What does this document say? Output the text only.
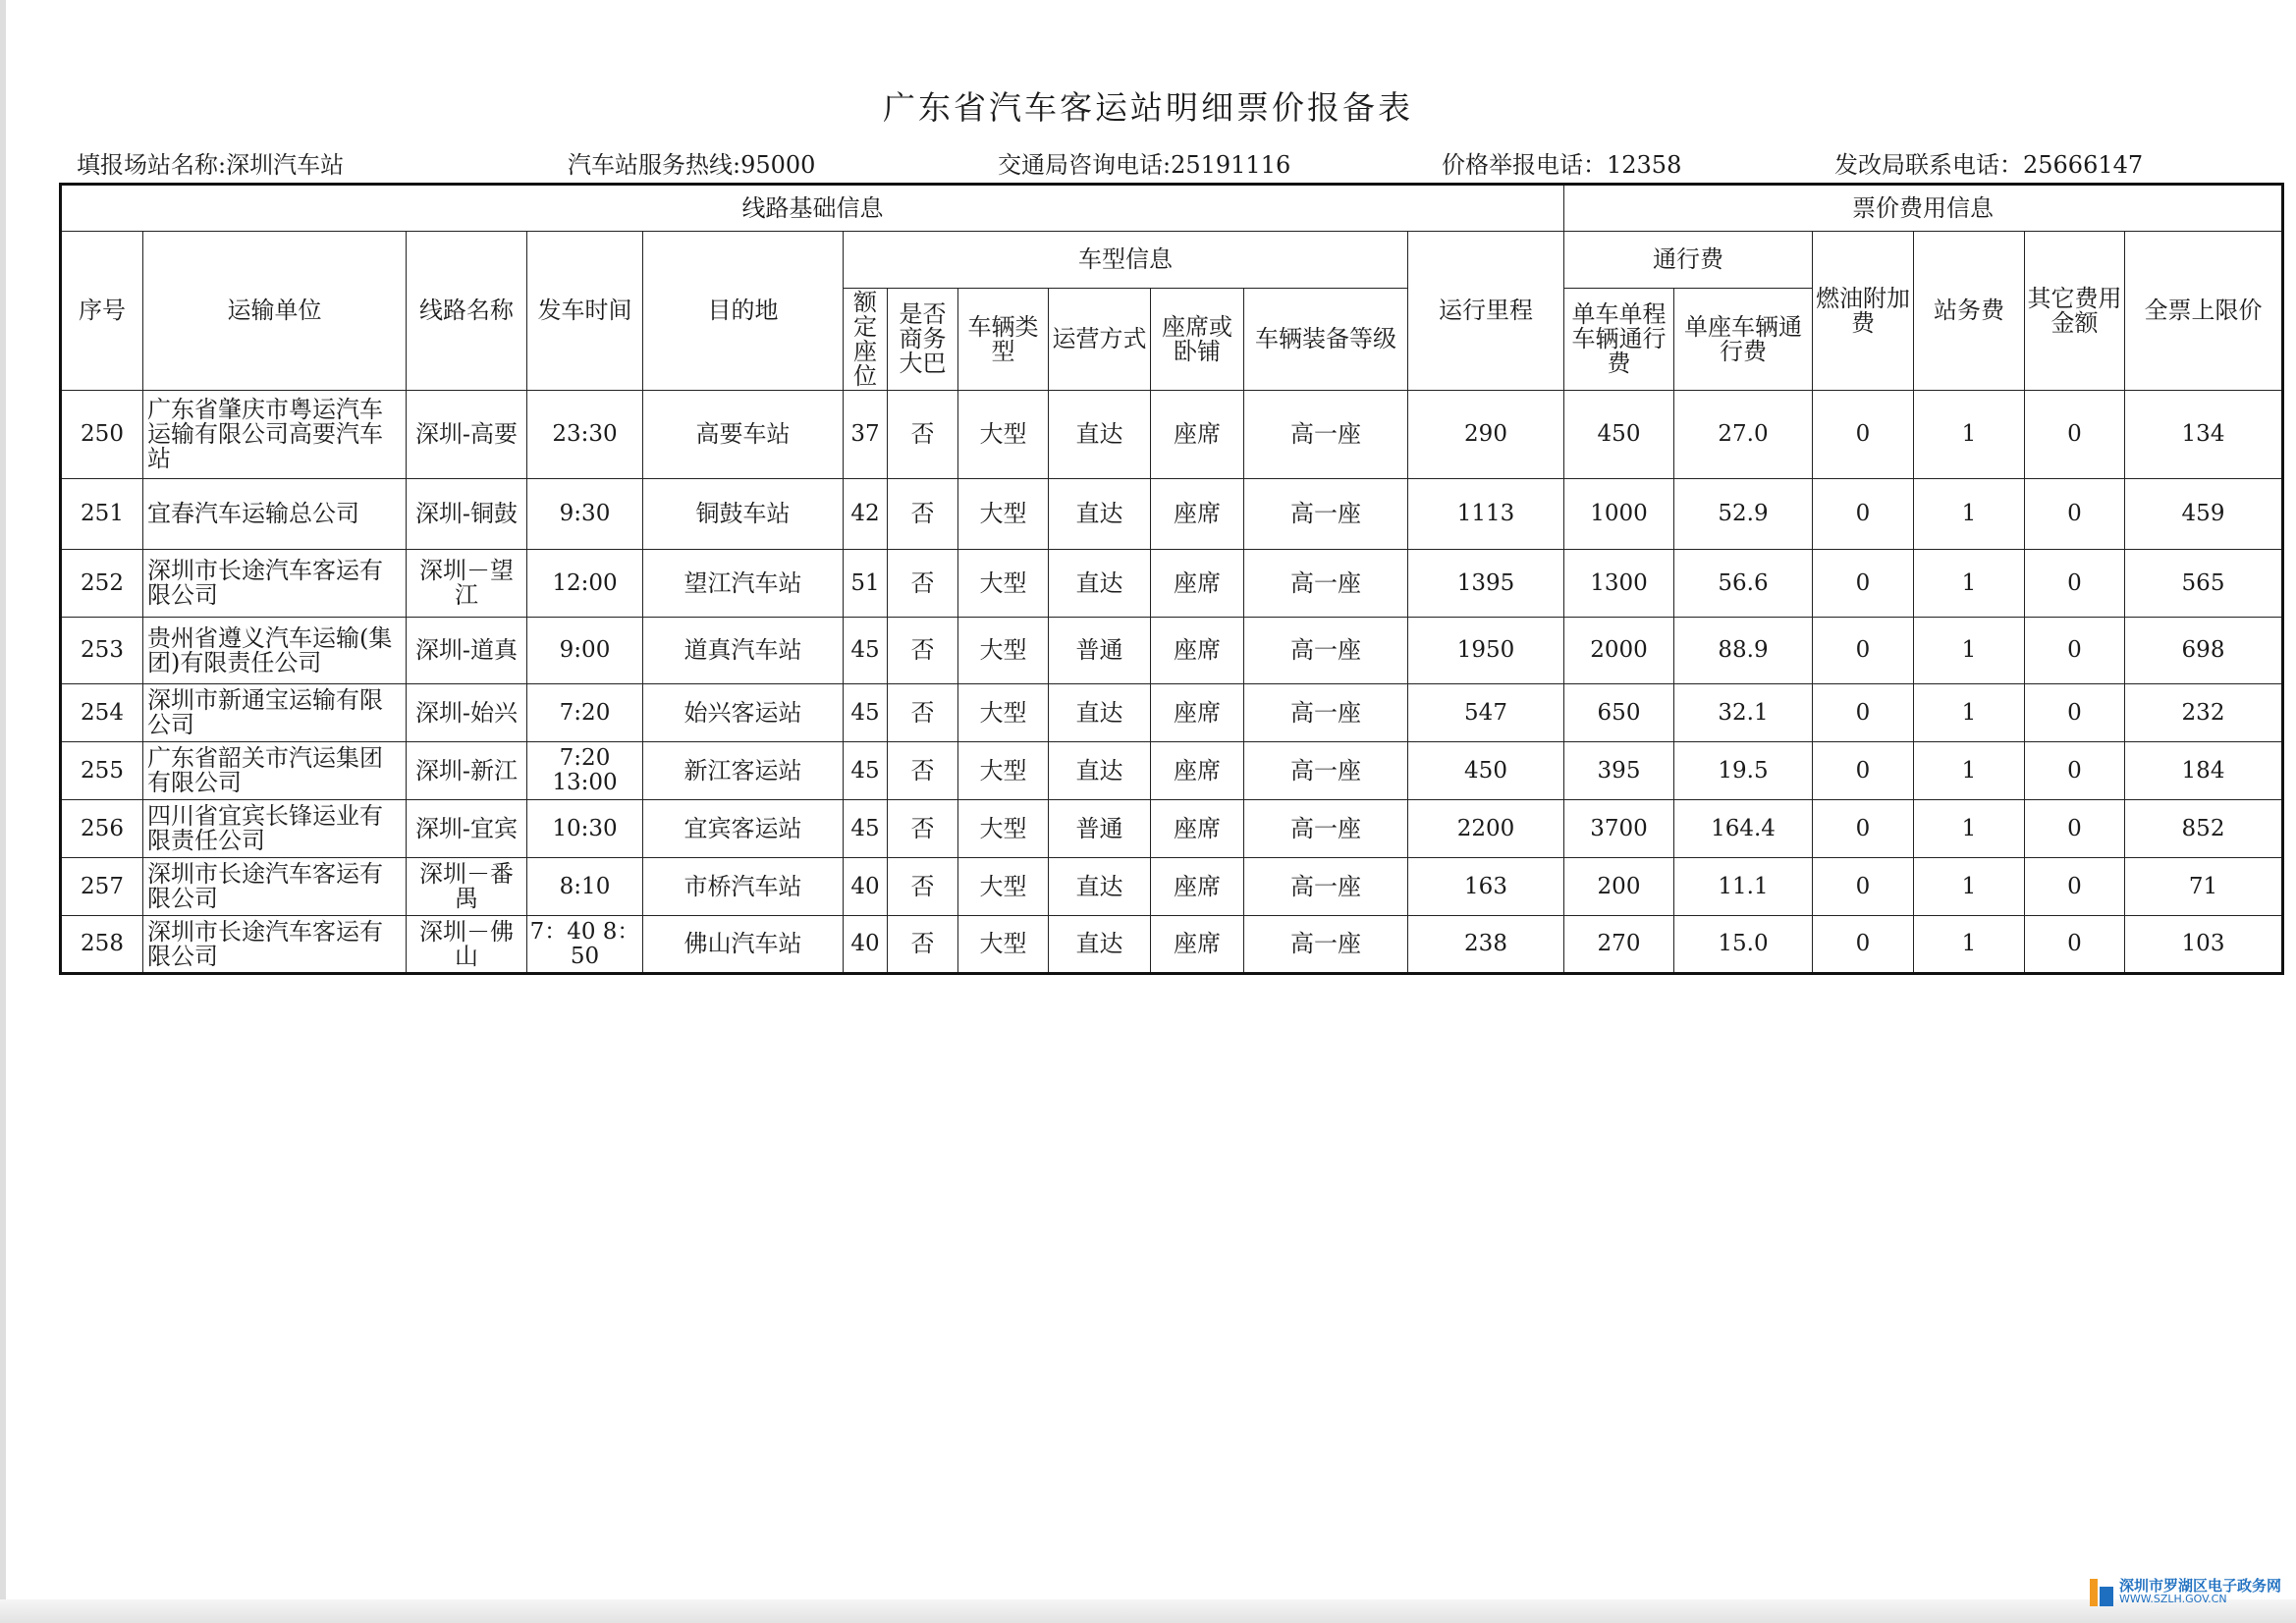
广东省汽车客运站明细票价报备表
填报场站名称:深圳汽车站	汽车站服务热线:95000	交通局咨询电话:25191116	价格举报电话：12358	发改局联系电话：25666147
线路基础信息												票价费用信息					
序号	运输单位	线路名称	发车时间	目的地	车型信息						运行里程	通行费		燃油附加费	站务费	其它费用金额	全票上限价
					额定座位	是否商务大巴	车辆类型	运营方式	座席或卧铺	车辆装备等级		单车单程车辆通行费	单座车辆通行费				
250	广东省肇庆市粤运汽车运输有限公司高要汽车站	深圳-高要	23:30	高要车站	37	否	大型	直达	座席	高一座	290	450	27.0	0	1	0	134
251	宜春汽车运输总公司	深圳-铜鼓	9:30	铜鼓车站	42	否	大型	直达	座席	高一座	1113	1000	52.9	0	1	0	459
252	深圳市长途汽车客运有限公司	深圳－望江	12:00	望江汽车站	51	否	大型	直达	座席	高一座	1395	1300	56.6	0	1	0	565
253	贵州省遵义汽车运输(集团)有限责任公司	深圳-道真	9:00	道真汽车站	45	否	大型	普通	座席	高一座	1950	2000	88.9	0	1	0	698
254	深圳市新通宝运输有限公司	深圳-始兴	7:20	始兴客运站	45	否	大型	直达	座席	高一座	547	650	32.1	0	1	0	232
255	广东省韶关市汽运集团有限公司	深圳-新江	7:20 13:00	新江客运站	45	否	大型	直达	座席	高一座	450	395	19.5	0	1	0	184
256	四川省宜宾长锋运业有限责任公司	深圳-宜宾	10:30	宜宾客运站	45	否	大型	普通	座席	高一座	2200	3700	164.4	0	1	0	852
257	深圳市长途汽车客运有限公司	深圳－番禺	8:10	市桥汽车站	40	否	大型	直达	座席	高一座	163	200	11.1	0	1	0	71
258	深圳市长途汽车客运有限公司	深圳－佛山	7：40 8：50	佛山汽车站	40	否	大型	直达	座席	高一座	238	270	15.0	0	1	0	103
深圳市罗湖区电子政务网
WWW.SZLH.GOV.CN
